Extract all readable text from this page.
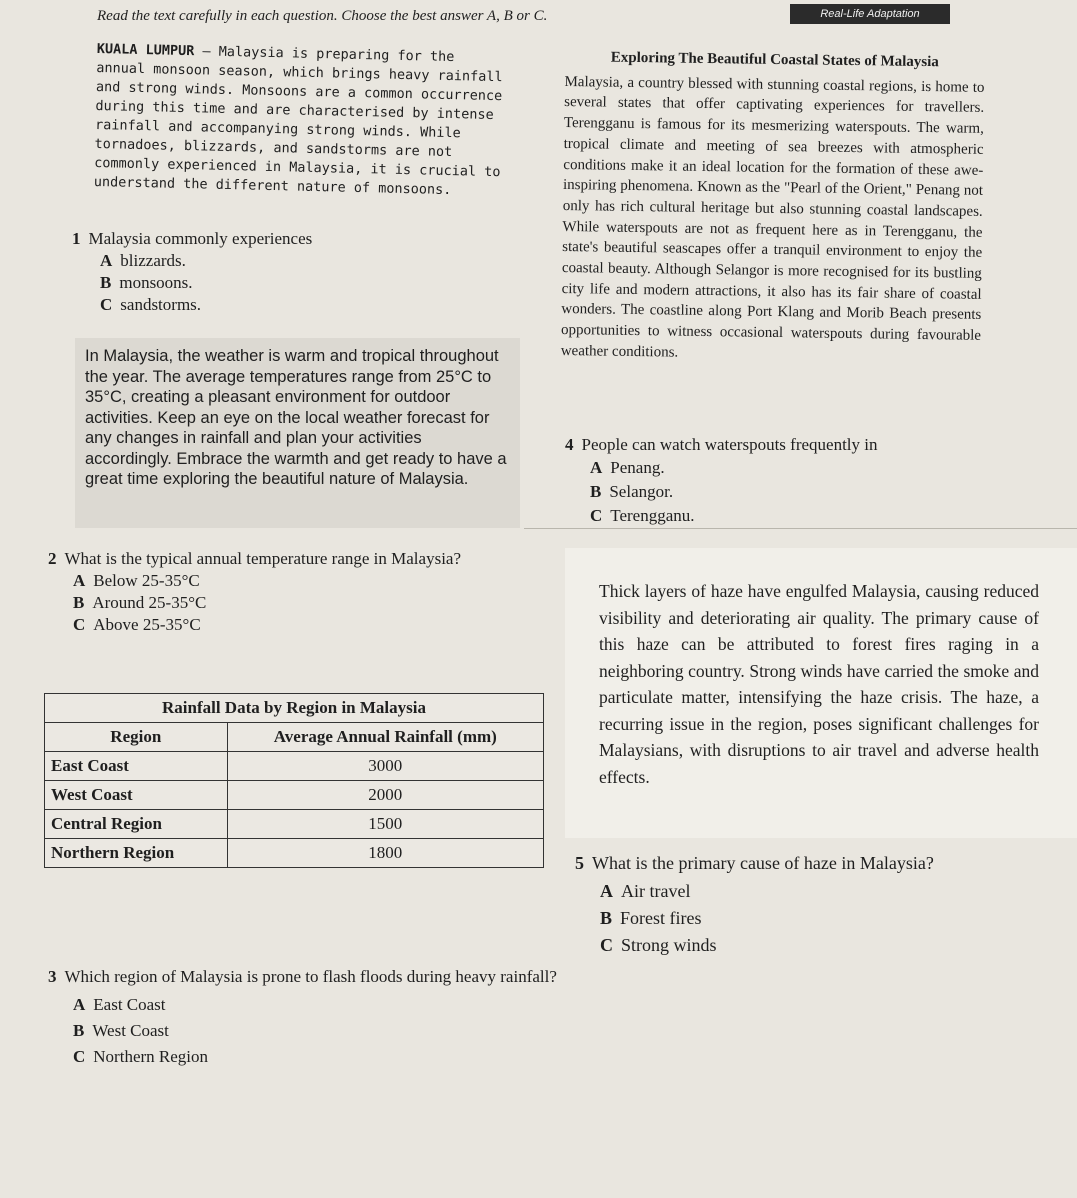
Read the text carefully in each question. Choose the best answer A, B or C.	Real-Life Adaptation
KUALA LUMPUR – Malaysia is preparing for the annual monsoon season, which brings heavy rainfall and strong winds. Monsoons are a common occurrence during this time and are characterised by intense rainfall and accompanying strong winds. While tornadoes, blizzards, and sandstorms are not commonly experienced in Malaysia, it is crucial to understand the different nature of monsoons.
1 Malaysia commonly experiences
A blizzards.
B monsoons.
C sandstorms.
In Malaysia, the weather is warm and tropical throughout the year. The average temperatures range from 25°C to 35°C, creating a pleasant environment for outdoor activities. Keep an eye on the local weather forecast for any changes in rainfall and plan your activities accordingly. Embrace the warmth and get ready to have a great time exploring the beautiful nature of Malaysia.
2 What is the typical annual temperature range in Malaysia?
A Below 25-35°C
B Around 25-35°C
C Above 25-35°C
Rainfall Data by Region in Malaysia	
Region	Average Annual Rainfall (mm)
East Coast	3000
West Coast	2000
Central Region	1500
Northern Region	1800
3 Which region of Malaysia is prone to flash floods during heavy rainfall?
A East Coast
B West Coast
C Northern Region
Exploring The Beautiful Coastal States of Malaysia
Malaysia, a country blessed with stunning coastal regions, is home to several states that offer captivating experiences for travellers. Terengganu is famous for its mesmerizing waterspouts. The warm, tropical climate and meeting of sea breezes with atmospheric conditions make it an ideal location for the formation of these awe-inspiring phenomena. Known as the "Pearl of the Orient," Penang not only has rich cultural heritage but also stunning coastal landscapes. While waterspouts are not as frequent here as in Terengganu, the state's beautiful seascapes offer a tranquil environment to enjoy the coastal beauty. Although Selangor is more recognised for its bustling city life and modern attractions, it also has its fair share of coastal wonders. The coastline along Port Klang and Morib Beach presents opportunities to witness occasional waterspouts during favourable weather conditions.
4 People can watch waterspouts frequently in
A Penang.
B Selangor.
C Terengganu.
Thick layers of haze have engulfed Malaysia, causing reduced visibility and deteriorating air quality. The primary cause of this haze can be attributed to forest fires raging in a neighboring country. Strong winds have carried the smoke and particulate matter, intensifying the haze crisis. The haze, a recurring issue in the region, poses significant challenges for Malaysians, with disruptions to air travel and adverse health effects.
5 What is the primary cause of haze in Malaysia?
A Air travel
B Forest fires
C Strong winds
